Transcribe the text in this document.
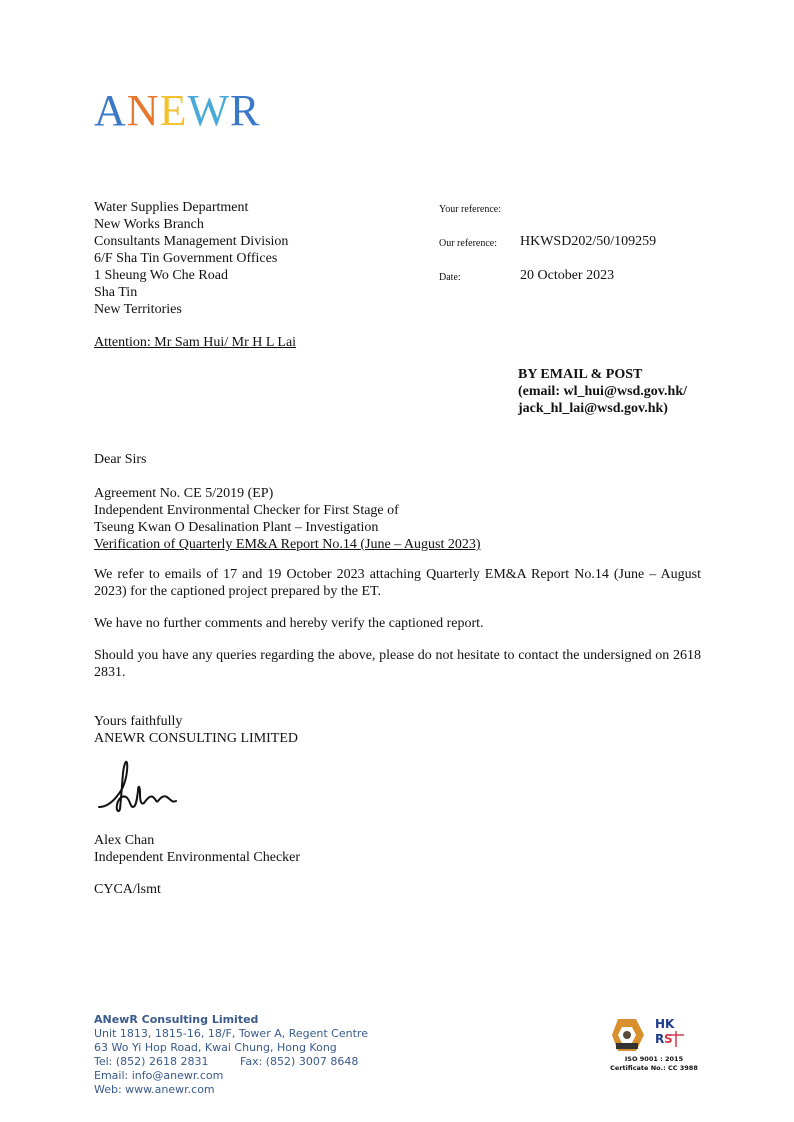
ANEWR
Water Supplies Department
New Works Branch
Consultants Management Division
6/F Sha Tin Government Offices
1 Sheung Wo Che Road
Sha Tin
New Territories
Your reference:
Our reference: HKWSD202/50/109259
Date:	20 October 2023
Attention: Mr Sam Hui/ Mr H L Lai
BY EMAIL & POST
(email: wl_hui@wsd.gov.hk/
jack_hl_lai@wsd.gov.hk)
Dear Sirs
Agreement No. CE 5/2019 (EP)
Independent Environmental Checker for First Stage of
Tseung Kwan O Desalination Plant – Investigation
Verification of Quarterly EM&A Report No.14 (June – August 2023)
We refer to emails of 17 and 19 October 2023 attaching Quarterly EM&A Report No.14 (June – August 2023) for the captioned project prepared by the ET.
We have no further comments and hereby verify the captioned report.
Should you have any queries regarding the above, please do not hesitate to contact the undersigned on 2618 2831.
Yours faithfully
ANEWR CONSULTING LIMITED
Alex Chan
Independent Environmental Checker
CYCA/lsmt
ANewR Consulting Limited
Unit 1813, 1815-16, 18/F, Tower A, Regent Centre
63 Wo Yi Hop Road, Kwai Chung, Hong Kong
Tel: (852) 2618 2831	Fax: (852) 3007 8648
Email: info@anewr.com
Web: www.anewr.com
HK
R S
ISO 9001 : 2015
Certificate No.: CC 3988
